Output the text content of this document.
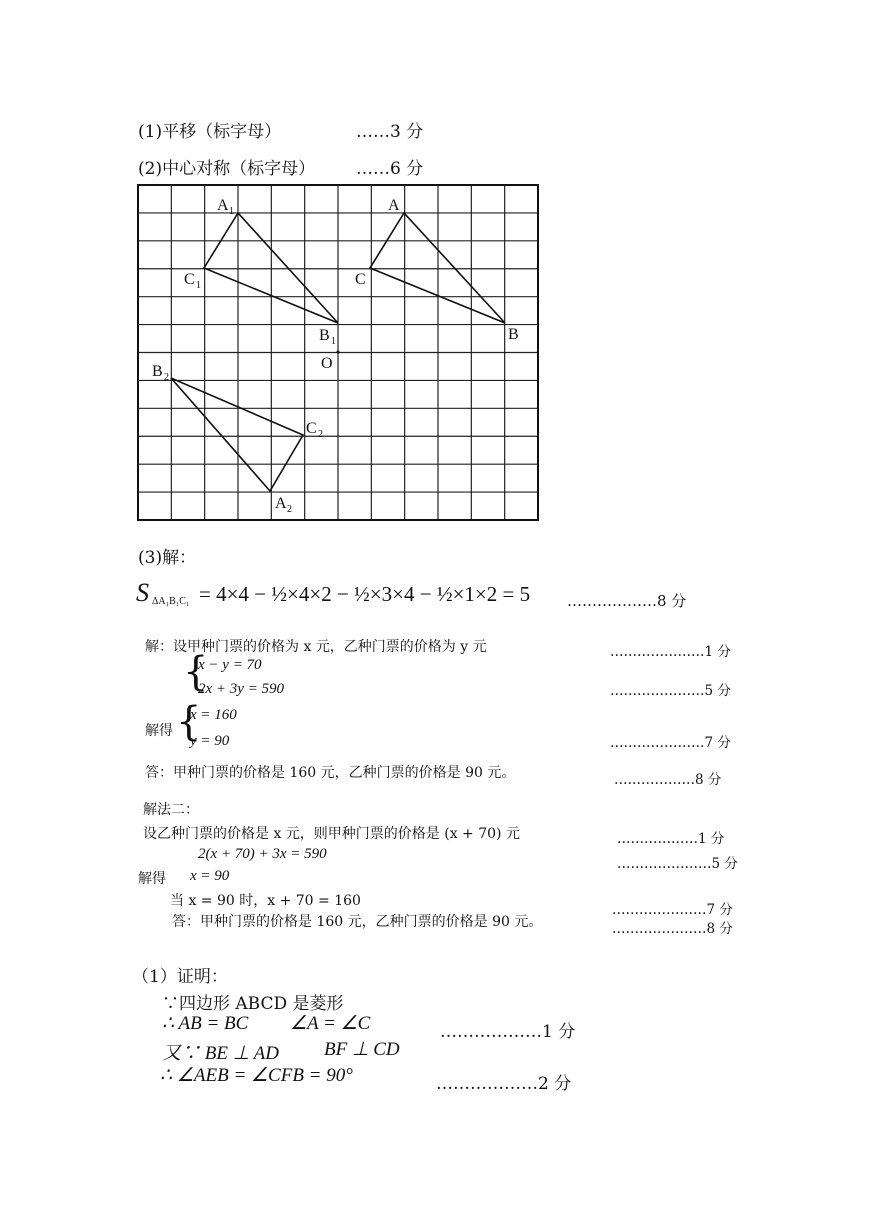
(1)平移（标字母）	……3 分
(2)中心对称（标字母） ……6 分
A 1
C 1
B 1
A
C
B
O
B 2
C 2
A 2
(3)解：
S ΔA₁B₁C₁ = 4×4 − ½×4×2 − ½×3×4 − ½×1×2 = 5 ………………8 分
解：设甲种门票的价格为 x 元，乙种门票的价格为 y 元	…………………1 分
{
x − y = 70
2x + 3y = 590	…………………5 分
解得 {
x = 160
y = 90	…………………7 分
答：甲种门票的价格是 160 元，乙种门票的价格是 90 元。	………………8 分
解法二：
设乙种门票的价格是 x 元，则甲种门票的价格是 (x + 70) 元	………………1 分
2(x + 70) + 3x = 590
…………………5 分
解得 x = 90
当 x = 90 时，x + 70 = 160
…………………7 分
答：甲种门票的价格是 160 元，乙种门票的价格是 90 元。	…………………8 分
（1）证明：
∵四边形 ABCD 是菱形
∴ AB = BC ∠A = ∠C	………………1 分
又∵ BE ⊥ AD BF ⊥ CD
∴ ∠AEB = ∠CFB = 90°	………………2 分
